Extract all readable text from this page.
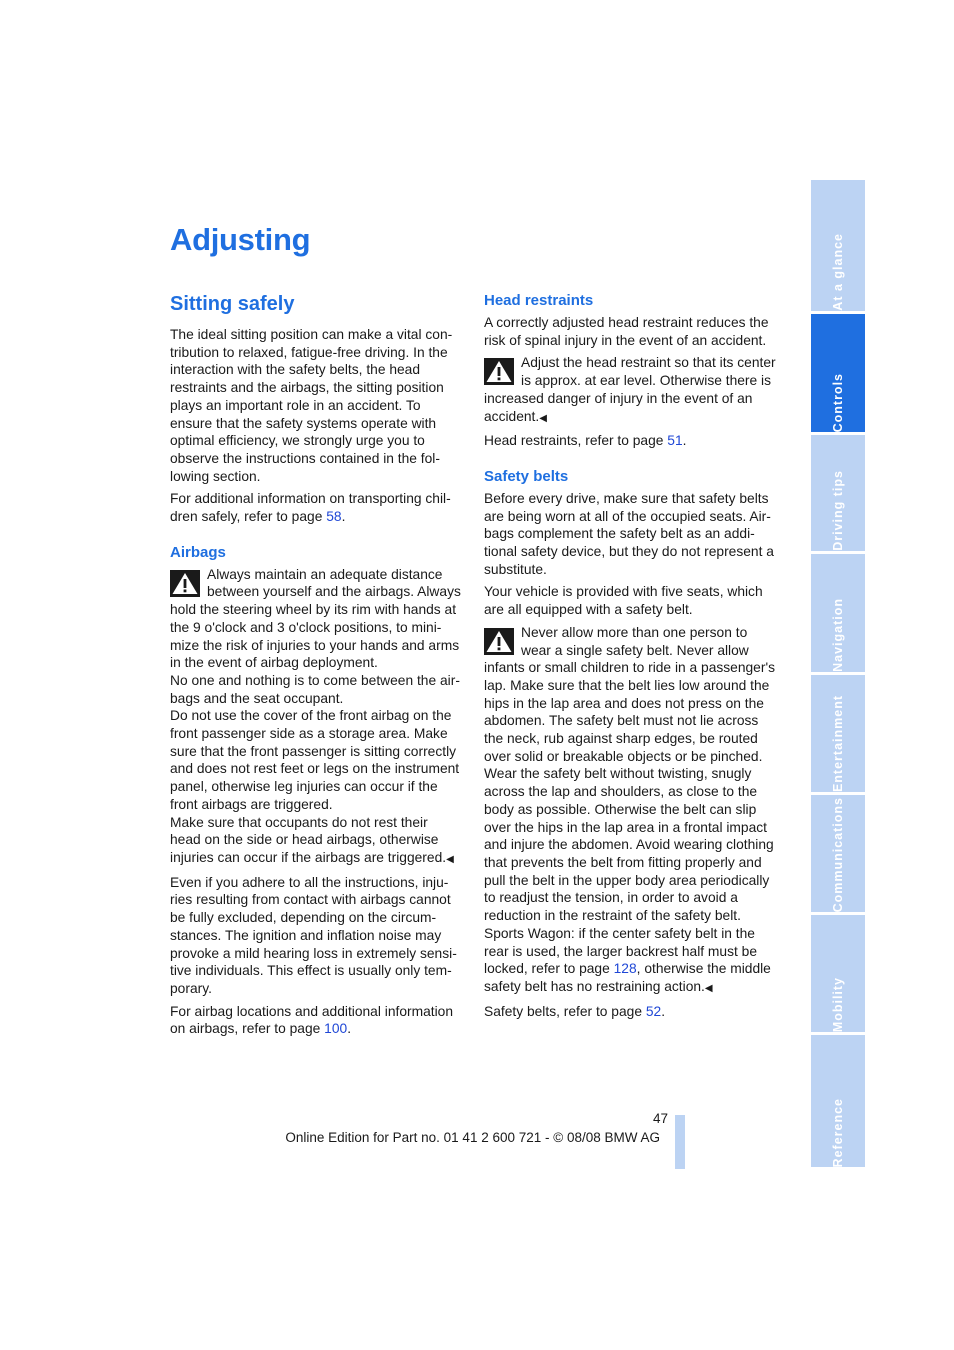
Adjusting
Sitting safely

The ideal sitting position can make a vital con-tribution to relaxed, fatigue-free driving. In the interaction with the safety belts, the head restraints and the airbags, the sitting position plays an important role in an accident. To ensure that the safety systems operate with optimal efficiency, we strongly urge you to observe the instructions contained in the fol-lowing section.

For additional information on transporting chil-dren safely, refer to page 58.

Airbags

Always maintain an adequate distance between yourself and the airbags. Always hold the steering wheel by its rim with hands at the 9 o'clock and 3 o'clock positions, to mini-mize the risk of injuries to your hands and arms in the event of airbag deployment.

No one and nothing is to come between the air-bags and the seat occupant.

Do not use the cover of the front airbag on the front passenger side as a storage area. Make sure that the front passenger is sitting correctly and does not rest feet or legs on the instrument panel, otherwise leg injuries can occur if the front airbags are triggered.

Make sure that occupants do not rest their head on the side or head airbags, otherwise injuries can occur if the airbags are triggered.◀

Even if you adhere to all the instructions, inju-ries resulting from contact with airbags cannot be fully excluded, depending on the circum-stances. The ignition and inflation noise may provoke a mild hearing loss in extremely sensi-tive individuals. This effect is usually only tem-porary.

For airbag locations and additional information on airbags, refer to page 100.

Head restraints

A correctly adjusted head restraint reduces the risk of spinal injury in the event of an accident.

Adjust the head restraint so that its center is approx. at ear level. Otherwise there is increased danger of injury in the event of an accident.◀

Head restraints, refer to page 51.

Safety belts

Before every drive, make sure that safety belts are being worn at all of the occupied seats. Air-bags complement the safety belt as an addi-tional safety device, but they do not represent a substitute.

Your vehicle is provided with five seats, which are all equipped with a safety belt.

Never allow more than one person to wear a single safety belt. Never allow infants or small children to ride in a passenger's lap. Make sure that the belt lies low around the hips in the lap area and does not press on the abdomen. The safety belt must not lie across the neck, rub against sharp edges, be routed over solid or breakable objects or be pinched. Wear the safety belt without twisting, snugly across the lap and shoulders, as close to the body as possible. Otherwise the belt can slip over the hips in the lap area in a frontal impact and injure the abdomen. Avoid wearing clothing that prevents the belt from fitting properly and pull the belt in the upper body area periodically to readjust the tension, in order to avoid a reduction in the restraint of the safety belt.

Sports Wagon: if the center safety belt in the rear is used, the larger backrest half must be locked, refer to page 128, otherwise the middle safety belt has no restraining action.◀

Safety belts, refer to page 52.

At a glance
Controls
Driving tips
Navigation
Entertainment
Communications
Mobility
Reference
47
Online Edition for Part no. 01 41 2 600 721 - © 08/08 BMW AG
